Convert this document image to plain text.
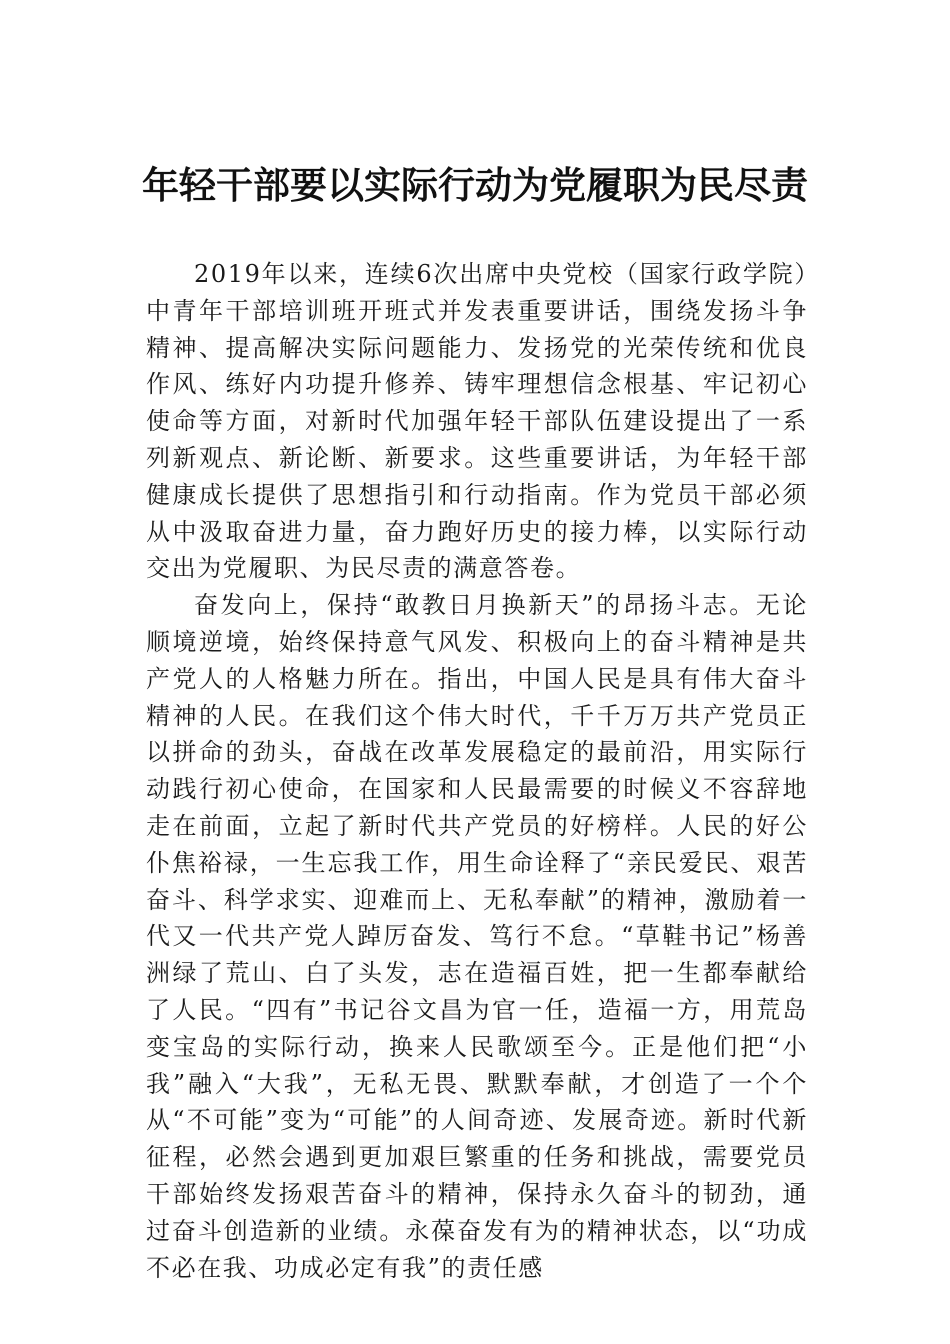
年轻干部要以实际行动为党履职为民尽责

2019年以来，连续6次出席中央党校（国家行政学院）中青年干部培训班开班式并发表重要讲话，围绕发扬斗争精神、提高解决实际问题能力、发扬党的光荣传统和优良作风、练好内功提升修养、铸牢理想信念根基、牢记初心使命等方面，对新时代加强年轻干部队伍建设提出了一系列新观点、新论断、新要求。这些重要讲话，为年轻干部健康成长提供了思想指引和行动指南。作为党员干部必须从中汲取奋进力量，奋力跑好历史的接力棒，以实际行动交出为党履职、为民尽责的满意答卷。

奋发向上，保持“敢教日月换新天”的昂扬斗志。无论顺境逆境，始终保持意气风发、积极向上的奋斗精神是共产党人的人格魅力所在。指出，中国人民是具有伟大奋斗精神的人民。在我们这个伟大时代，千千万万共产党员正以拼命的劲头，奋战在改革发展稳定的最前沿，用实际行动践行初心使命，在国家和人民最需要的时候义不容辞地走在前面，立起了新时代共产党员的好榜样。人民的好公仆焦裕禄，一生忘我工作，用生命诠释了“亲民爱民、艰苦奋斗、科学求实、迎难而上、无私奉献”的精神，激励着一代又一代共产党人踔厉奋发、笃行不怠。“草鞋书记”杨善洲绿了荒山、白了头发，志在造福百姓，把一生都奉献给了人民。“四有”书记谷文昌为官一任，造福一方，用荒岛变宝岛的实际行动，换来人民歌颂至今。正是他们把“小我”融入“大我”，无私无畏、默默奉献，才创造了一个个从“不可能”变为“可能”的人间奇迹、发展奇迹。新时代新征程，必然会遇到更加艰巨繁重的任务和挑战，需要党员干部始终发扬艰苦奋斗的精神，保持永久奋斗的韧劲，通过奋斗创造新的业绩。永葆奋发有为的精神状态，以“功成不必在我、功成必定有我”的责任感
